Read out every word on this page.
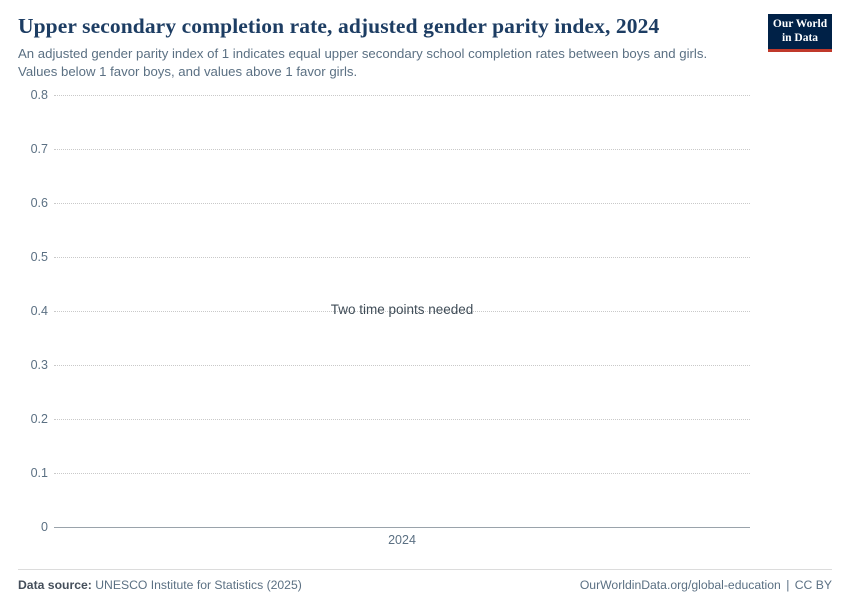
Upper secondary completion rate, adjusted gender parity index, 2024

An adjusted gender parity index of 1 indicates equal upper secondary school completion rates between boys and girls. Values below 1 favor boys, and values above 1 favor girls.

Our World
in Data
0.8
0.7
0.6
0.5
0.4
0.3
0.2
0.1
0
Two time points needed
2024
Data source: UNESCO Institute for Statistics (2025)	OurWorldinData.org/global-education | CC BY
